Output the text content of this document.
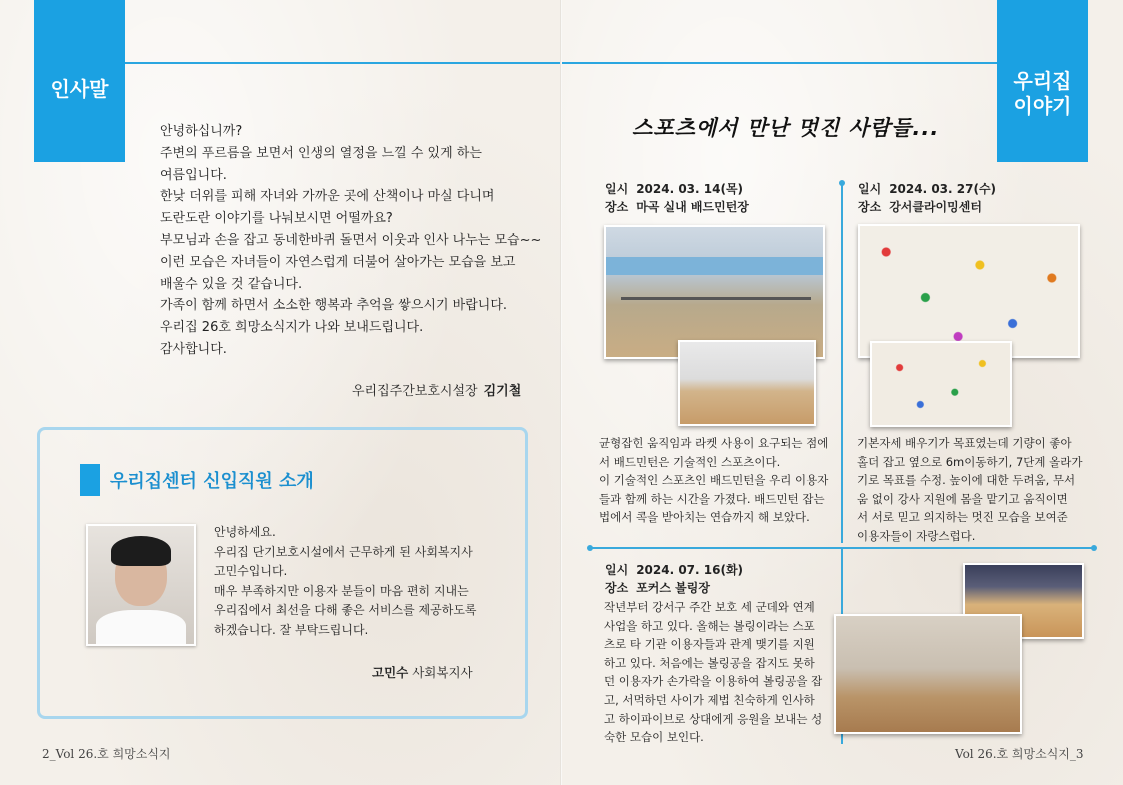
인사말
안녕하십니까?
주변의 푸르름을 보면서 인생의 열정을 느낄 수 있게 하는
여름입니다.
한낮 더위를 피해 자녀와 가까운 곳에 산책이나 마실 다니며
도란도란 이야기를 나눠보시면 어떨까요?
부모님과 손을 잡고 동네한바퀴 돌면서 이웃과 인사 나누는 모습~~
이런 모습은 자녀들이 자연스럽게 더불어 살아가는 모습을 보고
배울수 있을 것 같습니다.
가족이 함께 하면서 소소한 행복과 추억을 쌓으시기 바랍니다.
우리집 26호 희망소식지가 나와 보내드립니다.
감사합니다.
우리집주간보호시설장 김기철
우리집센터 신입직원 소개
안녕하세요.
우리집 단기보호시설에서 근무하게 된 사회복지사
고민수입니다.
매우 부족하지만 이용자 분들이 마음 편히 지내는
우리집에서 최선을 다해 좋은 서비스를 제공하도록
하겠습니다. 잘 부탁드립니다.
고민수 사회복지사
2_Vol 26.호 희망소식지
우리집
이야기
스포츠에서 만난 멋진 사람들...
일시 2024. 03. 14(목)
장소 마곡 실내 배드민턴장
균형잡힌 움직임과 라켓 사용이 요구되는 점에
서 배드민턴은 기술적인 스포츠이다.
이 기술적인 스포츠인 배드민턴을 우리 이용자
들과 함께 하는 시간을 가졌다. 배드민턴 잡는
법에서 콕을 받아치는 연습까지 해 보았다.
일시 2024. 03. 27(수)
장소 강서클라이밍센터
기본자세 배우기가 목표였는데 기량이 좋아
홀더 잡고 옆으로 6m이동하기, 7단계 올라가
기로 목표를 수정. 높이에 대한 두려움, 무서
움 없이 강사 지원에 몸을 맡기고 움직이면
서 서로 믿고 의지하는 멋진 모습을 보여준
이용자들이 자랑스럽다.
일시 2024. 07. 16(화)
장소 포커스 볼링장
작년부터 강서구 주간 보호 세 군데와 연계
사업을 하고 있다. 올해는 볼링이라는 스포
츠로 타 기관 이용자들과 관계 맺기를 지원
하고 있다. 처음에는 볼링공을 잡지도 못하
던 이용자가 손가락을 이용하여 볼링공을 잡
고, 서먹하던 사이가 제법 친숙하게 인사하
고 하이파이브로 상대에게 응원을 보내는 성
숙한 모습이 보인다.
Vol 26.호 희망소식지_3
